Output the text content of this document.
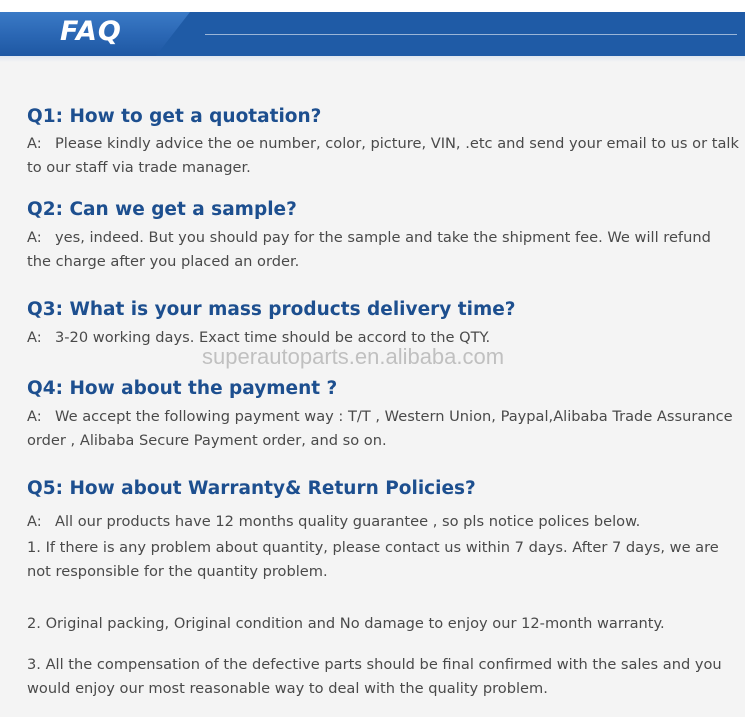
FAQ
Q1: How to get a quotation?
A: Please kindly advice the oe number, color, picture, VIN, .etc and send your email to us or talk to our staff via trade manager.
Q2: Can we get a sample?
A: yes, indeed. But you should pay for the sample and take the shipment fee. We will refund the charge after you placed an order.
Q3: What is your mass products delivery time?
A: 3-20 working days. Exact time should be accord to the QTY.
superautoparts.en.alibaba.com
Q4: How about the payment ?
A: We accept the following payment way : T/T , Western Union, Paypal,Alibaba Trade Assurance order , Alibaba Secure Payment order, and so on.
Q5: How about Warranty& Return Policies?
A: All our products have 12 months quality guarantee , so pls notice polices below.
1. If there is any problem about quantity, please contact us within 7 days. After 7 days, we are not responsible for the quantity problem.
2. Original packing, Original condition and No damage to enjoy our 12-month warranty.
3. All the compensation of the defective parts should be final confirmed with the sales and you would enjoy our most reasonable way to deal with the quality problem.
